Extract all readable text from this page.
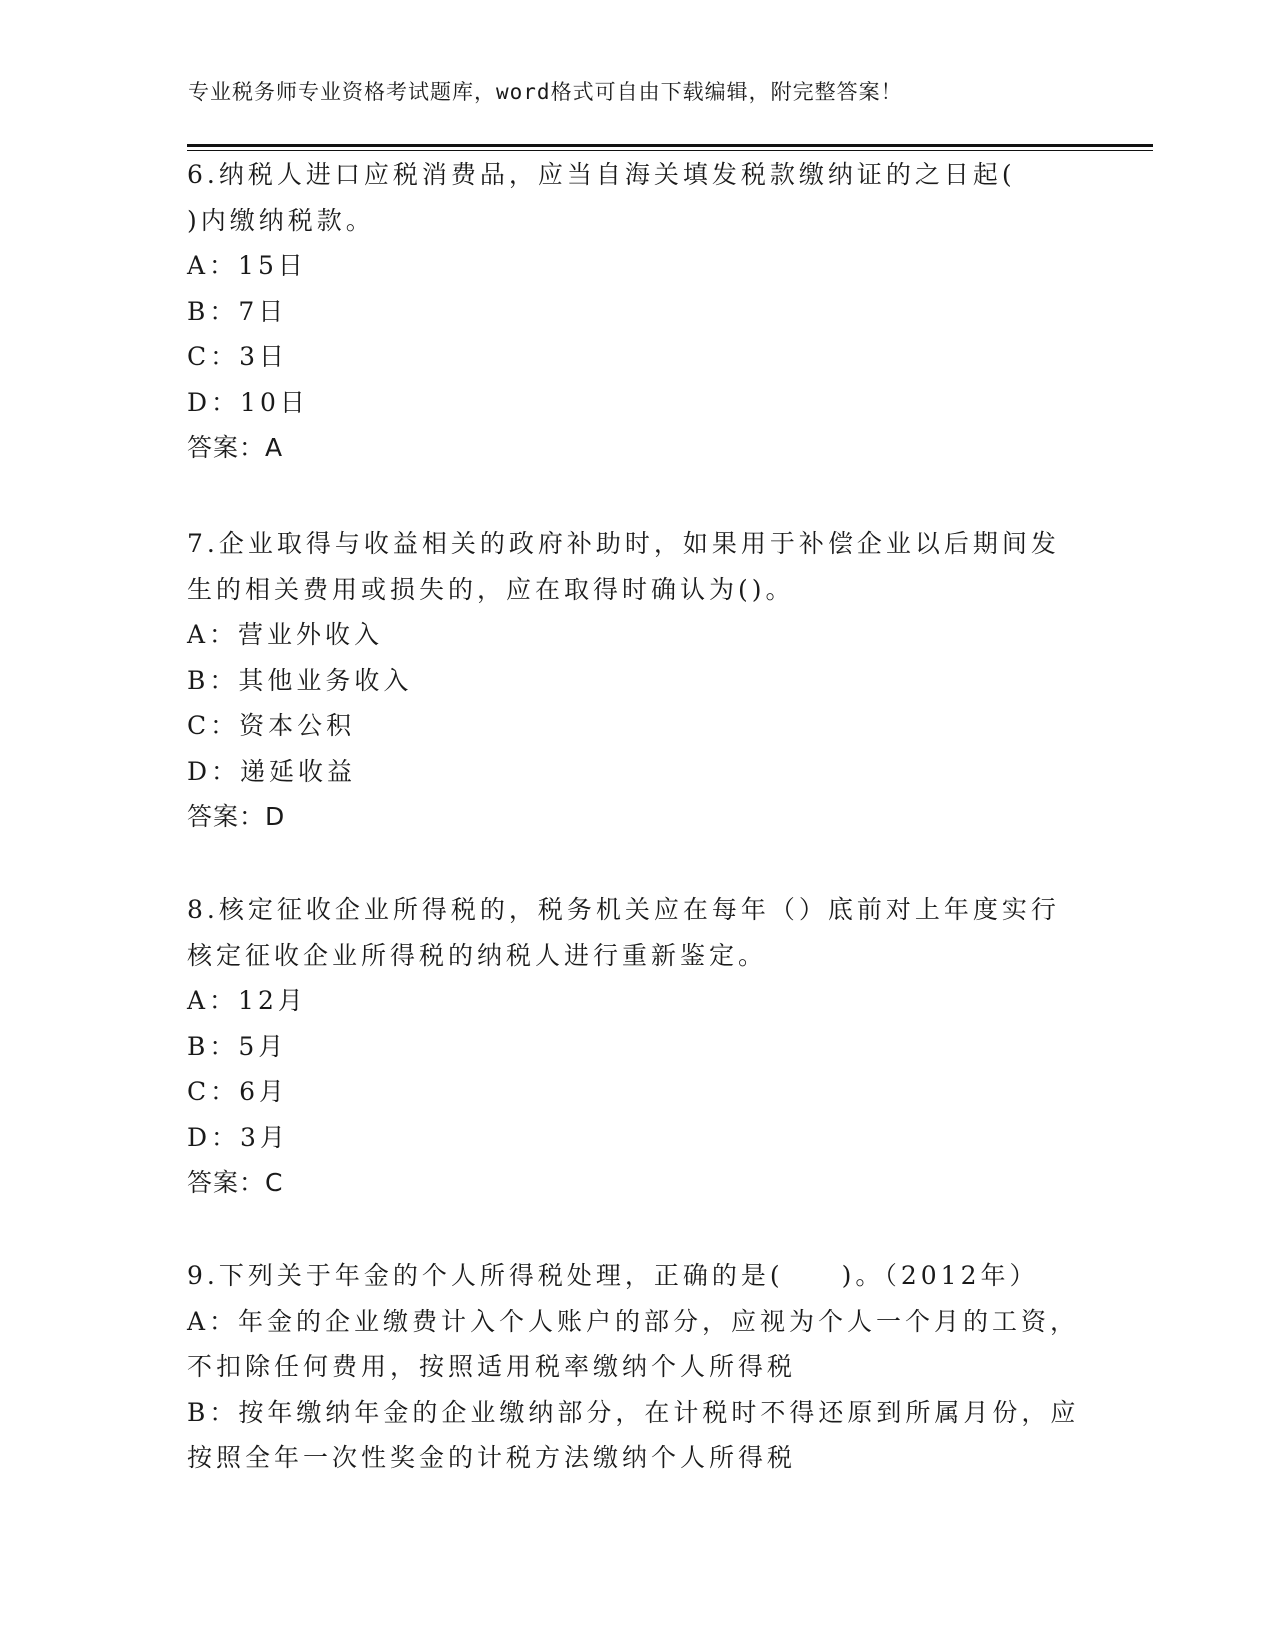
专业税务师专业资格考试题库，word格式可自由下载编辑，附完整答案！
6.纳税人进口应税消费品，应当自海关填发税款缴纳证的之日起(
)内缴纳税款。
A：15日
B：7日
C：3日
D：10日
答案：A
7.企业取得与收益相关的政府补助时，如果用于补偿企业以后期间发
生的相关费用或损失的，应在取得时确认为()。
A：营业外收入
B：其他业务收入
C：资本公积
D：递延收益
答案：D
8.核定征收企业所得税的，税务机关应在每年（）底前对上年度实行
核定征收企业所得税的纳税人进行重新鉴定。
A：12月
B：5月
C：6月
D：3月
答案：C
9.下列关于年金的个人所得税处理，正确的是(　　)。（2012年）
A：年金的企业缴费计入个人账户的部分，应视为个人一个月的工资，
不扣除任何费用，按照适用税率缴纳个人所得税
B：按年缴纳年金的企业缴纳部分，在计税时不得还原到所属月份，应
按照全年一次性奖金的计税方法缴纳个人所得税
